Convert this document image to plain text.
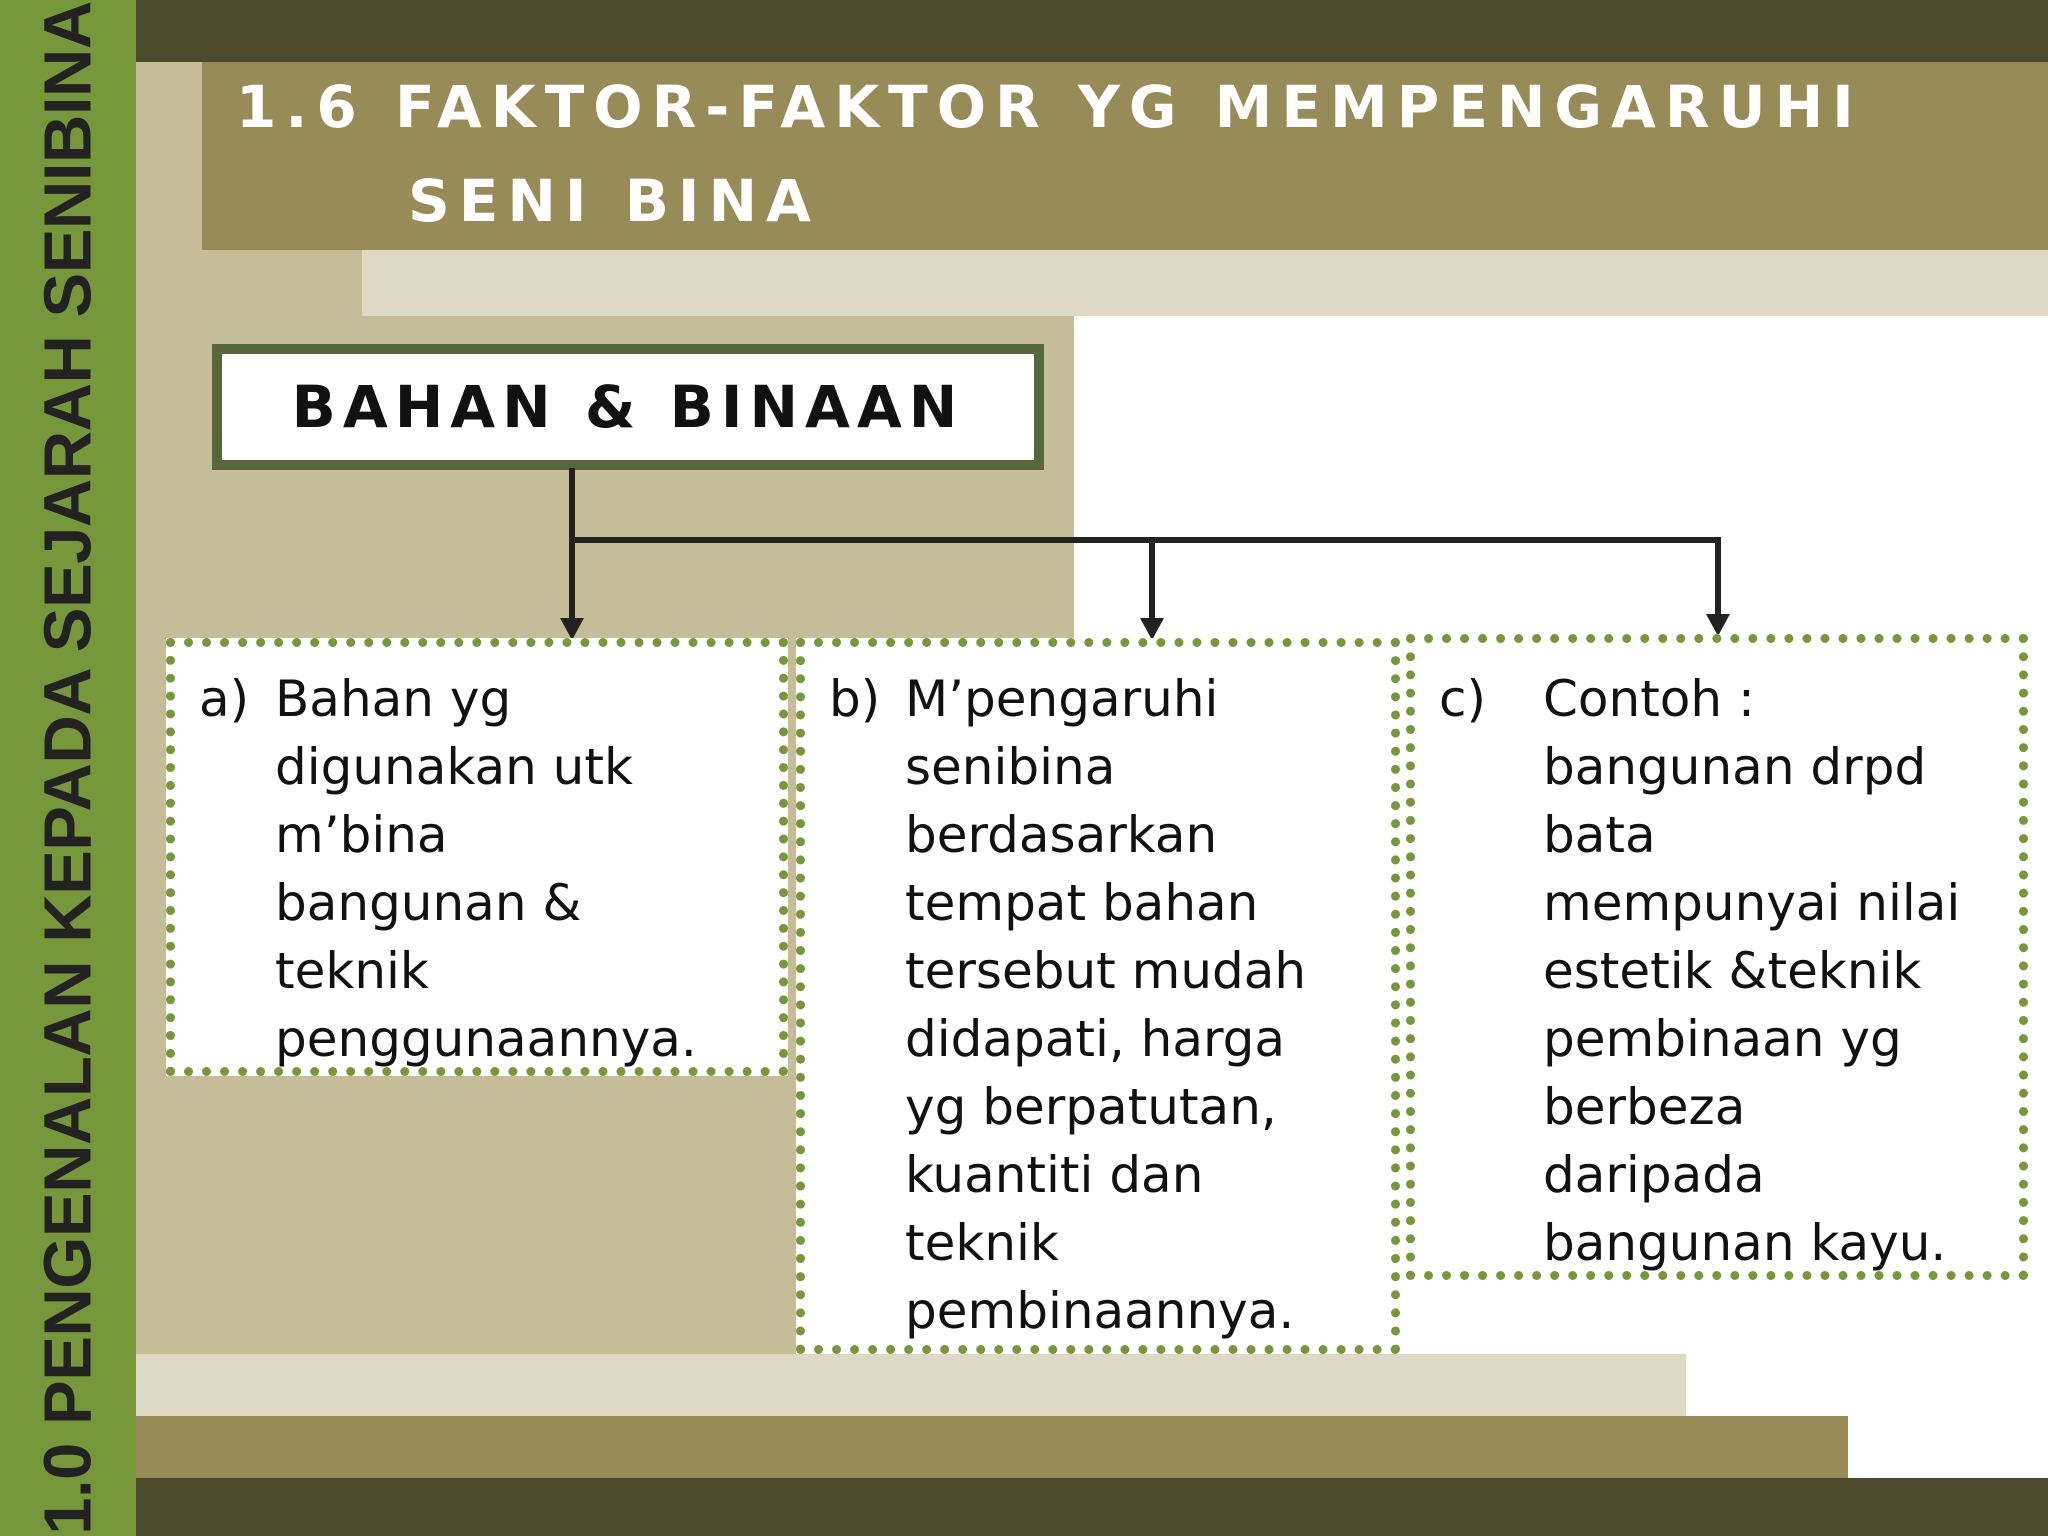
1.0 PENGENALAN KEPADA SEJARAH SENIBINA 1.6 FAKTOR-FAKTOR YG MEMPENGARUHI
SENI BINA
BAHAN & BINAAN
a) Bahan yg
digunakan utk
m’bina
bangunan &
teknik
penggunaannya.
b) M’pengaruhi
senibina
berdasarkan
tempat bahan
tersebut mudah
didapati, harga
yg berpatutan,
kuantiti dan
teknik
pembinaannya.
c) Contoh :
bangunan drpd
bata
mempunyai nilai
estetik &teknik
pembinaan yg
berbeza
daripada
bangunan kayu.
